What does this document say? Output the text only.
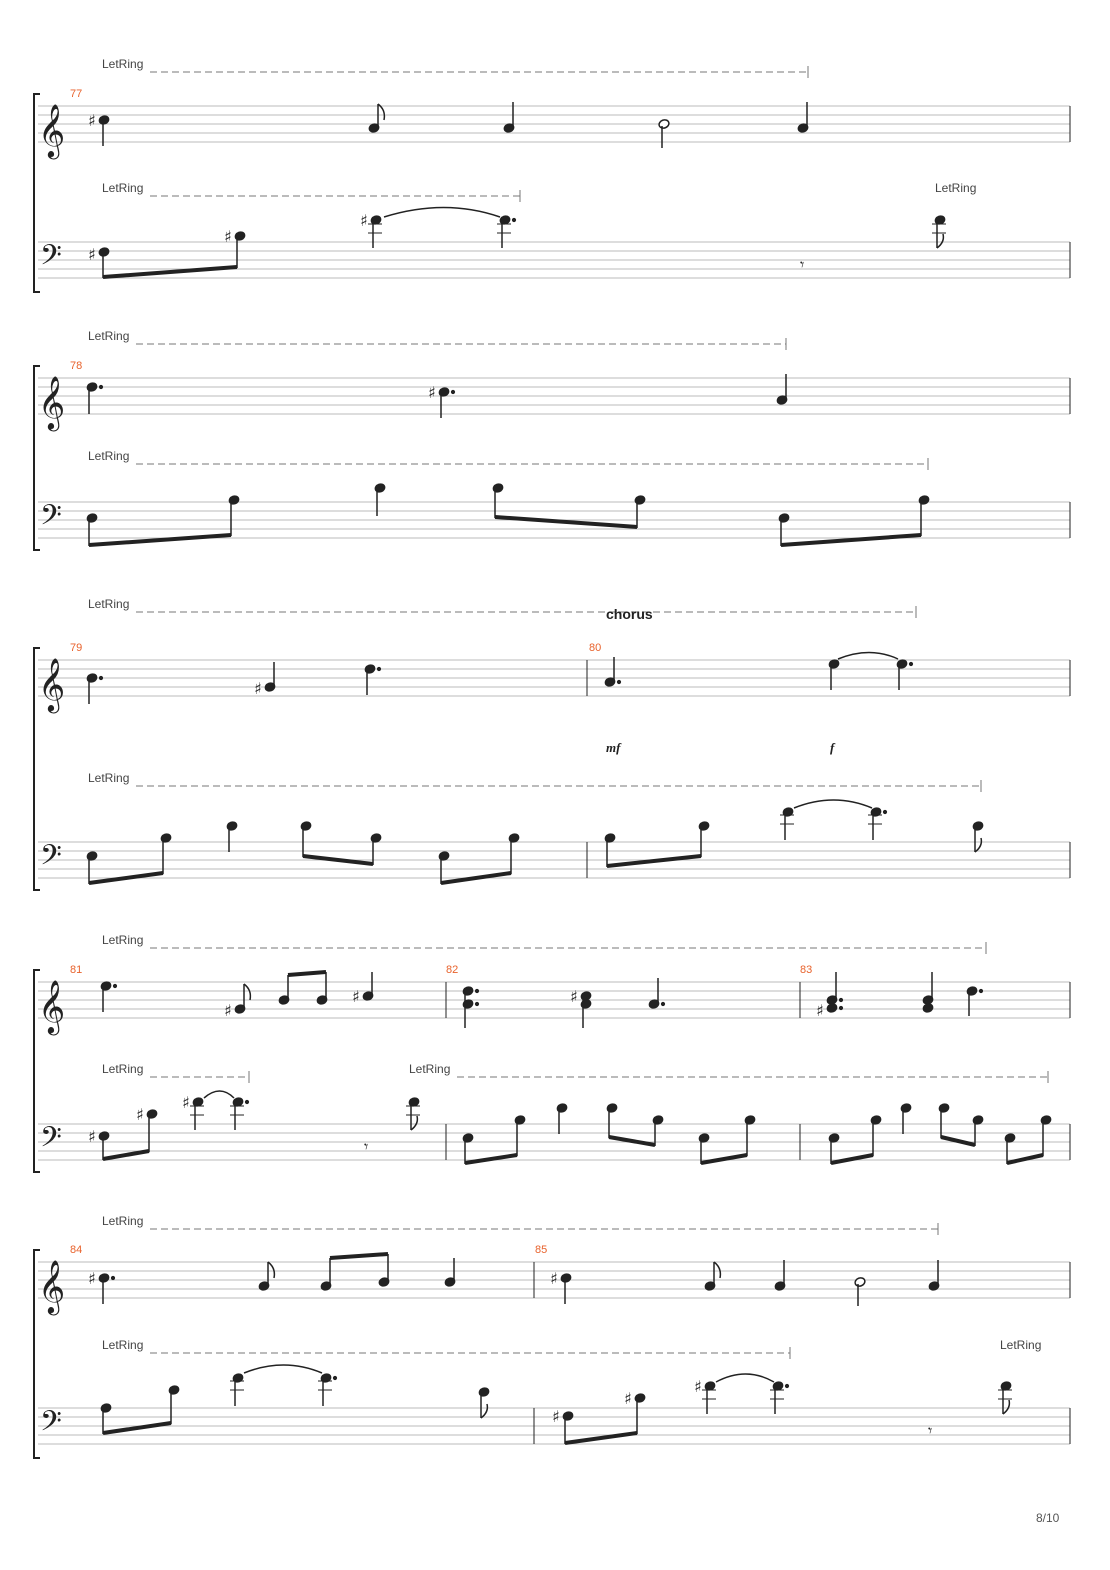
LetRing
𝄞
77
♯
LetRing	LetRing
𝄢 ♯
♯
♯
𝄾
LetRing
𝄞
78
♯
LetRing
𝄢
LetRing
chorus
𝄞
79	80
♯
mf	f
LetRing
𝄢
LetRing
𝄞
81	82	83
♯
♯	♯
♯
LetRing	LetRing
𝄢 ♯
♯
♯
𝄾
LetRing
𝄞
84	85
♯	♯
LetRing	LetRing
𝄢	♯
♯
♯
𝄾
8/10
